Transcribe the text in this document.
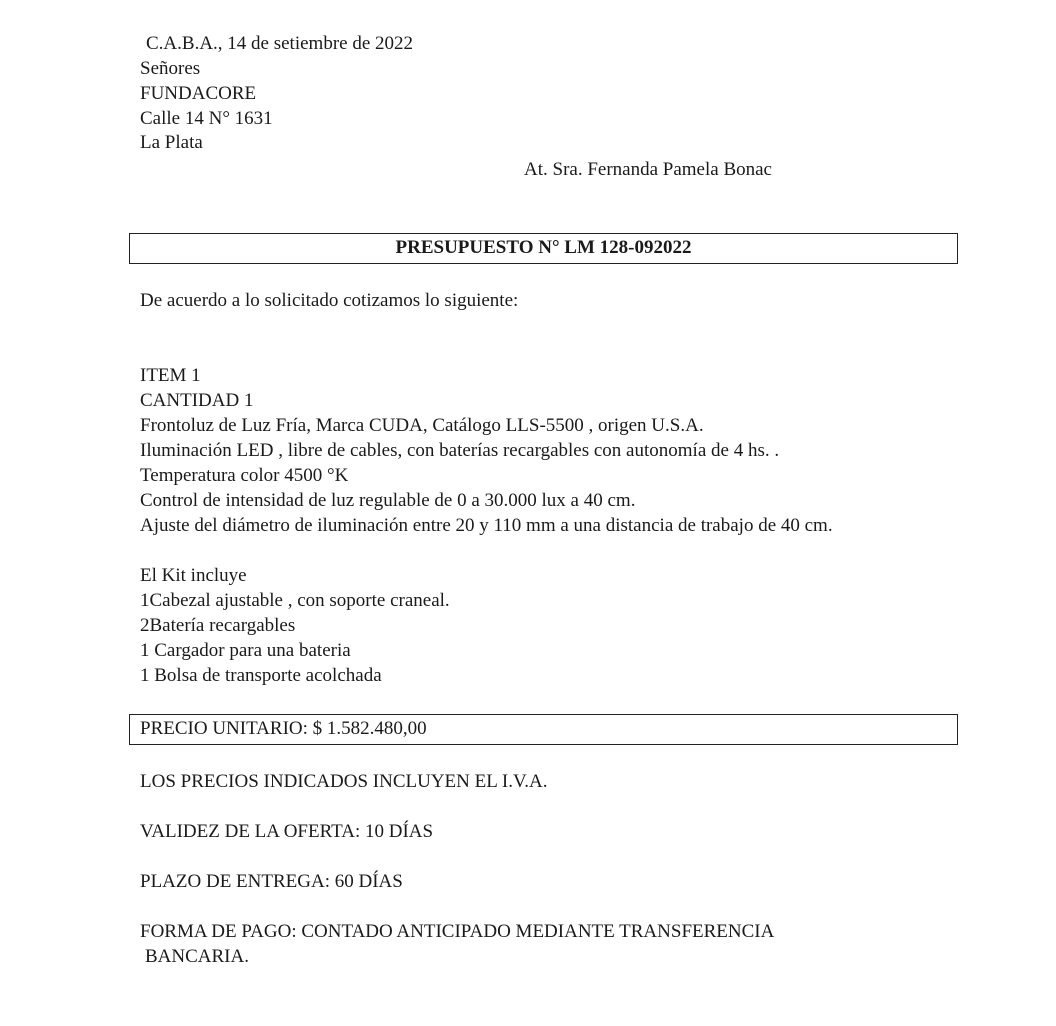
C.A.B.A., 14 de setiembre de 2022
Señores
FUNDACORE
Calle 14 N° 1631
La Plata
At. Sra. Fernanda Pamela Bonac
PRESUPUESTO N° LM 128-092022
De acuerdo a lo solicitado cotizamos lo siguiente:
ITEM 1
CANTIDAD 1
Frontoluz de Luz Fría, Marca CUDA, Catálogo LLS-5500 , origen U.S.A.
Iluminación LED , libre de cables, con baterías recargables con autonomía de 4 hs. .
Temperatura color 4500 °K
Control de intensidad de luz regulable de 0 a 30.000 lux a 40 cm.
Ajuste del diámetro de iluminación entre 20 y 110 mm a una distancia de trabajo de 40 cm.
El Kit incluye
1Cabezal ajustable , con soporte craneal.
2Batería recargables
1 Cargador para una bateria
1 Bolsa de transporte acolchada
PRECIO UNITARIO: $ 1.582.480,00
LOS PRECIOS INDICADOS INCLUYEN EL I.V.A.
VALIDEZ DE LA OFERTA: 10 DÍAS
PLAZO DE ENTREGA: 60 DÍAS
FORMA DE PAGO: CONTADO ANTICIPADO MEDIANTE TRANSFERENCIA
BANCARIA.
